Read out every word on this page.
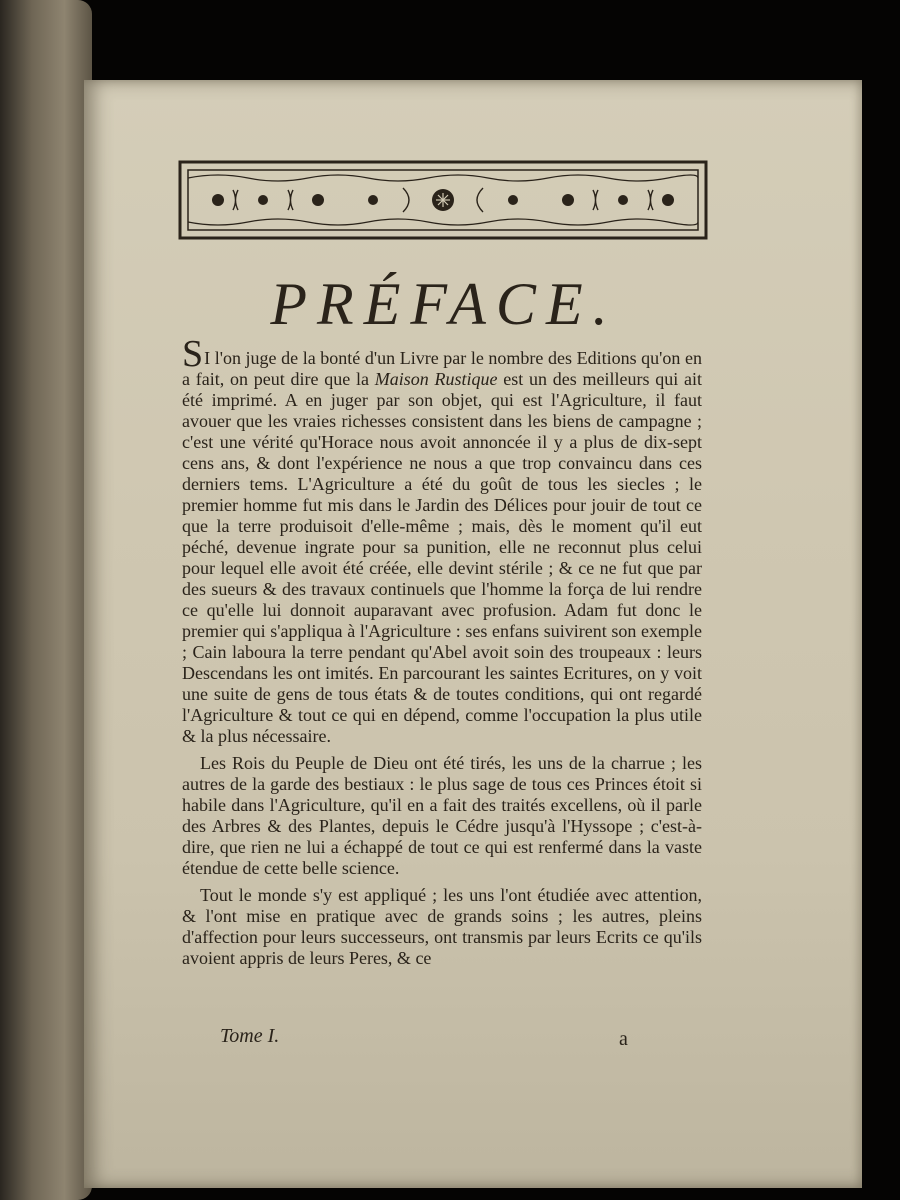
PRÉFACE.

SI l'on juge de la bonté d'un Livre par le nombre des Editions qu'on en a fait, on peut dire que la Maison Rustique est un des meilleurs qui ait été imprimé. A en juger par son objet, qui est l'Agriculture, il faut avouer que les vraies richesses consistent dans les biens de campagne ; c'est une vérité qu'Horace nous avoit annoncée il y a plus de dix-sept cens ans, & dont l'expérience ne nous a que trop convaincu dans ces derniers tems. L'Agriculture a été du goût de tous les siecles ; le premier homme fut mis dans le Jardin des Délices pour jouir de tout ce que la terre produisoit d'elle-même ; mais, dès le moment qu'il eut péché, devenue ingrate pour sa punition, elle ne reconnut plus celui pour lequel elle avoit été créée, elle devint stérile ; & ce ne fut que par des sueurs & des travaux continuels que l'homme la força de lui rendre ce qu'elle lui donnoit auparavant avec profusion. Adam fut donc le premier qui s'appliqua à l'Agriculture : ses enfans suivirent son exemple ; Cain laboura la terre pendant qu'Abel avoit soin des troupeaux : leurs Descendans les ont imités. En parcourant les saintes Ecritures, on y voit une suite de gens de tous états & de toutes conditions, qui ont regardé l'Agriculture & tout ce qui en dépend, comme l'occupation la plus utile & la plus nécessaire.

Les Rois du Peuple de Dieu ont été tirés, les uns de la charrue ; les autres de la garde des bestiaux : le plus sage de tous ces Princes étoit si habile dans l'Agriculture, qu'il en a fait des traités excellens, où il parle des Arbres & des Plantes, depuis le Cédre jusqu'à l'Hyssope ; c'est-à-dire, que rien ne lui a échappé de tout ce qui est renfermé dans la vaste étendue de cette belle science.

Tout le monde s'y est appliqué ; les uns l'ont étudiée avec attention, & l'ont mise en pratique avec de grands soins ; les autres, pleins d'affection pour leurs successeurs, ont transmis par leurs Ecrits ce qu'ils avoient appris de leurs Peres, & ce

Tome I.	a
